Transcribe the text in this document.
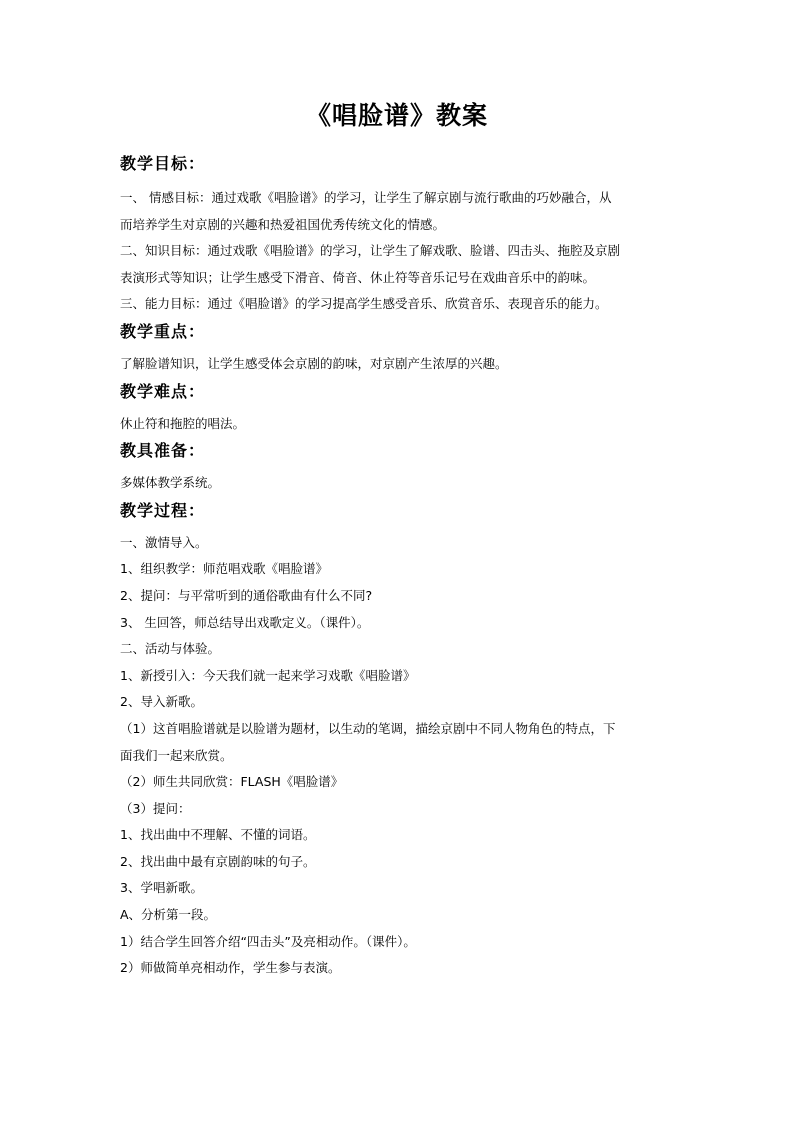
《唱脸谱》教案

教学目标：

一、 情感目标：通过戏歌《唱脸谱》的学习，让学生了解京剧与流行歌曲的巧妙融合，从

而培养学生对京剧的兴趣和热爱祖国优秀传统文化的情感。

二、知识目标：通过戏歌《唱脸谱》的学习，让学生了解戏歌、脸谱、四击头、拖腔及京剧

表演形式等知识；让学生感受下滑音、倚音、休止符等音乐记号在戏曲音乐中的韵味。

三、能力目标：通过《唱脸谱》的学习提高学生感受音乐、欣赏音乐、表现音乐的能力。

教学重点：

了解脸谱知识，让学生感受体会京剧的韵味，对京剧产生浓厚的兴趣。

教学难点：

休止符和拖腔的唱法。

教具准备：

多媒体教学系统。

教学过程：

一、激情导入。

1、组织教学：师范唱戏歌《唱脸谱》

2、提问：与平常听到的通俗歌曲有什么不同?

3、 生回答，师总结导出戏歌定义。（课件）。

二、活动与体验。

1、新授引入：今天我们就一起来学习戏歌《唱脸谱》

2、导入新歌。

（1）这首唱脸谱就是以脸谱为题材，以生动的笔调，描绘京剧中不同人物角色的特点，下

面我们一起来欣赏。

（2）师生共同欣赏：FLASH《唱脸谱》

（3）提问：

1、找出曲中不理解、不懂的词语。

2、找出曲中最有京剧韵味的句子。

3、学唱新歌。

A、分析第一段。

1）结合学生回答介绍“四击头”及亮相动作。（课件）。

2）师做简单亮相动作，学生参与表演。
